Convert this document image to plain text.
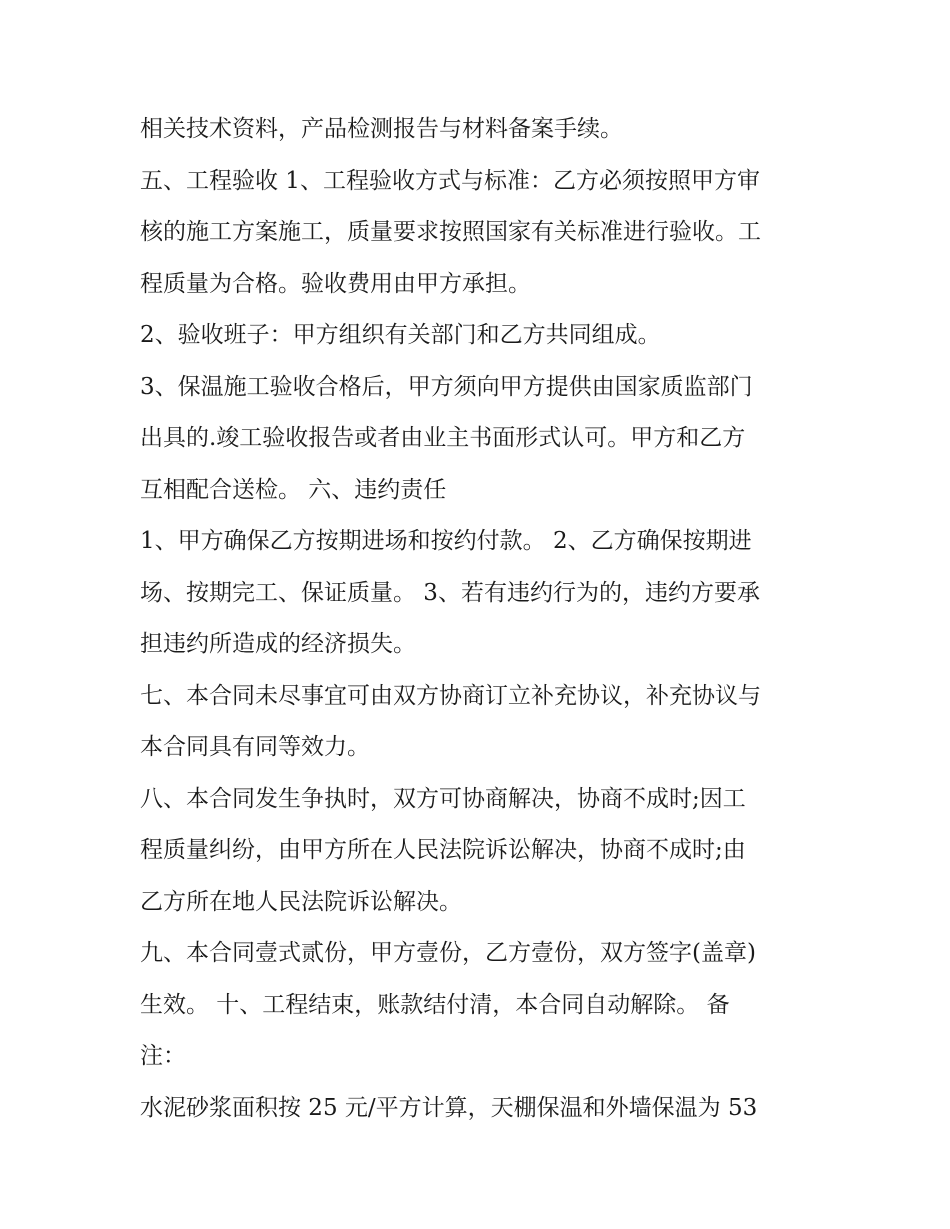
相关技术资料，产品检测报告与材料备案手续。
五、工程验收 1、工程验收方式与标准：乙方必须按照甲方审
核的施工方案施工，质量要求按照国家有关标准进行验收。工
程质量为合格。验收费用由甲方承担。
2、验收班子：甲方组织有关部门和乙方共同组成。
3、保温施工验收合格后，甲方须向甲方提供由国家质监部门
出具的.竣工验收报告或者由业主书面形式认可。甲方和乙方
互相配合送检。 六、违约责任
1、甲方确保乙方按期进场和按约付款。 2、乙方确保按期进
场、按期完工、保证质量。 3、若有违约行为的，违约方要承
担违约所造成的经济损失。
七、本合同未尽事宜可由双方协商订立补充协议，补充协议与
本合同具有同等效力。
八、本合同发生争执时，双方可协商解决，协商不成时;因工
程质量纠纷，由甲方所在人民法院诉讼解决，协商不成时;由
乙方所在地人民法院诉讼解决。
九、本合同壹式贰份，甲方壹份，乙方壹份，双方签字(盖章)
生效。 十、工程结束，账款结付清，本合同自动解除。 备
注：
水泥砂浆面积按 25 元/平方计算，天棚保温和外墙保温为 53
